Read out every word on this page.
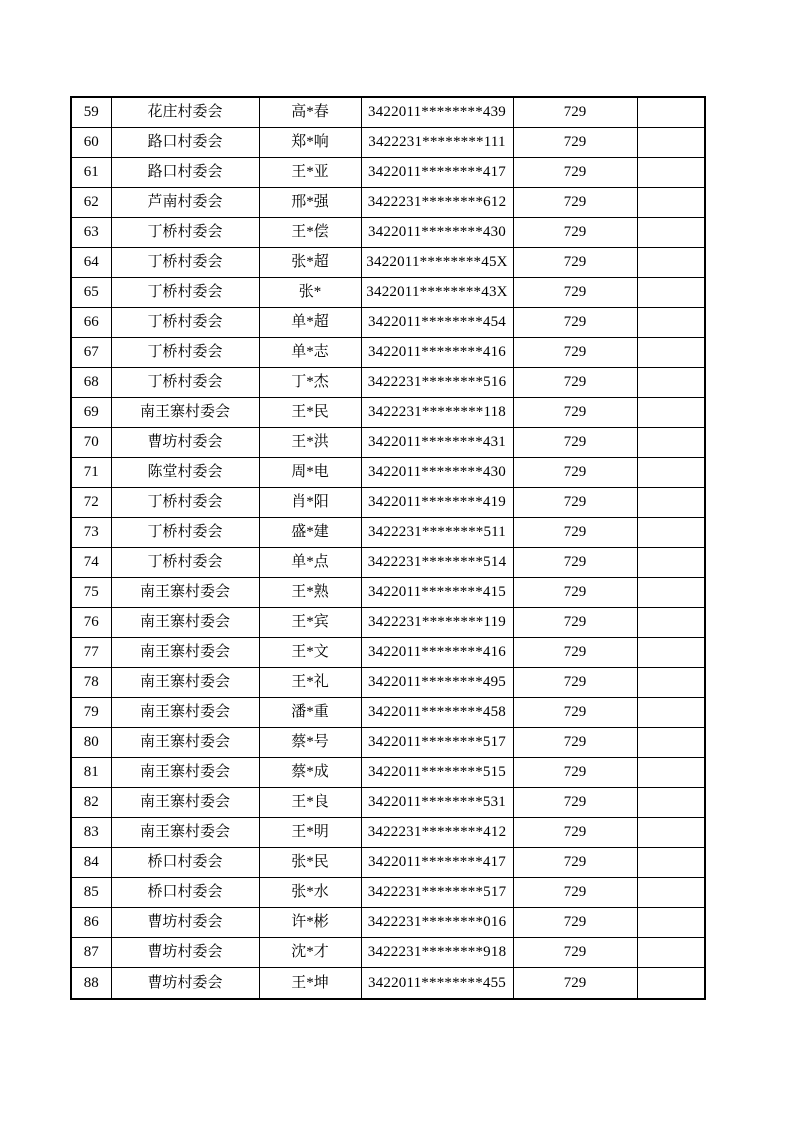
59	花庄村委会	高*春	3422011********439	729	
60	路口村委会	郑*响	3422231********111	729	
61	路口村委会	王*亚	3422011********417	729	
62	芦南村委会	邢*强	3422231********612	729	
63	丁桥村委会	王*偿	3422011********430	729	
64	丁桥村委会	张*超	3422011********45X	729	
65	丁桥村委会	张*	3422011********43X	729	
66	丁桥村委会	单*超	3422011********454	729	
67	丁桥村委会	单*志	3422011********416	729	
68	丁桥村委会	丁*杰	3422231********516	729	
69	南王寨村委会	王*民	3422231********118	729	
70	曹坊村委会	王*洪	3422011********431	729	
71	陈堂村委会	周*电	3422011********430	729	
72	丁桥村委会	肖*阳	3422011********419	729	
73	丁桥村委会	盛*建	3422231********511	729	
74	丁桥村委会	单*点	3422231********514	729	
75	南王寨村委会	王*熟	3422011********415	729	
76	南王寨村委会	王*宾	3422231********119	729	
77	南王寨村委会	王*文	3422011********416	729	
78	南王寨村委会	王*礼	3422011********495	729	
79	南王寨村委会	潘*重	3422011********458	729	
80	南王寨村委会	蔡*号	3422011********517	729	
81	南王寨村委会	蔡*成	3422011********515	729	
82	南王寨村委会	王*良	3422011********531	729	
83	南王寨村委会	王*明	3422231********412	729	
84	桥口村委会	张*民	3422011********417	729	
85	桥口村委会	张*水	3422231********517	729	
86	曹坊村委会	许*彬	3422231********016	729	
87	曹坊村委会	沈*才	3422231********918	729	
88	曹坊村委会	王*坤	3422011********455	729	
